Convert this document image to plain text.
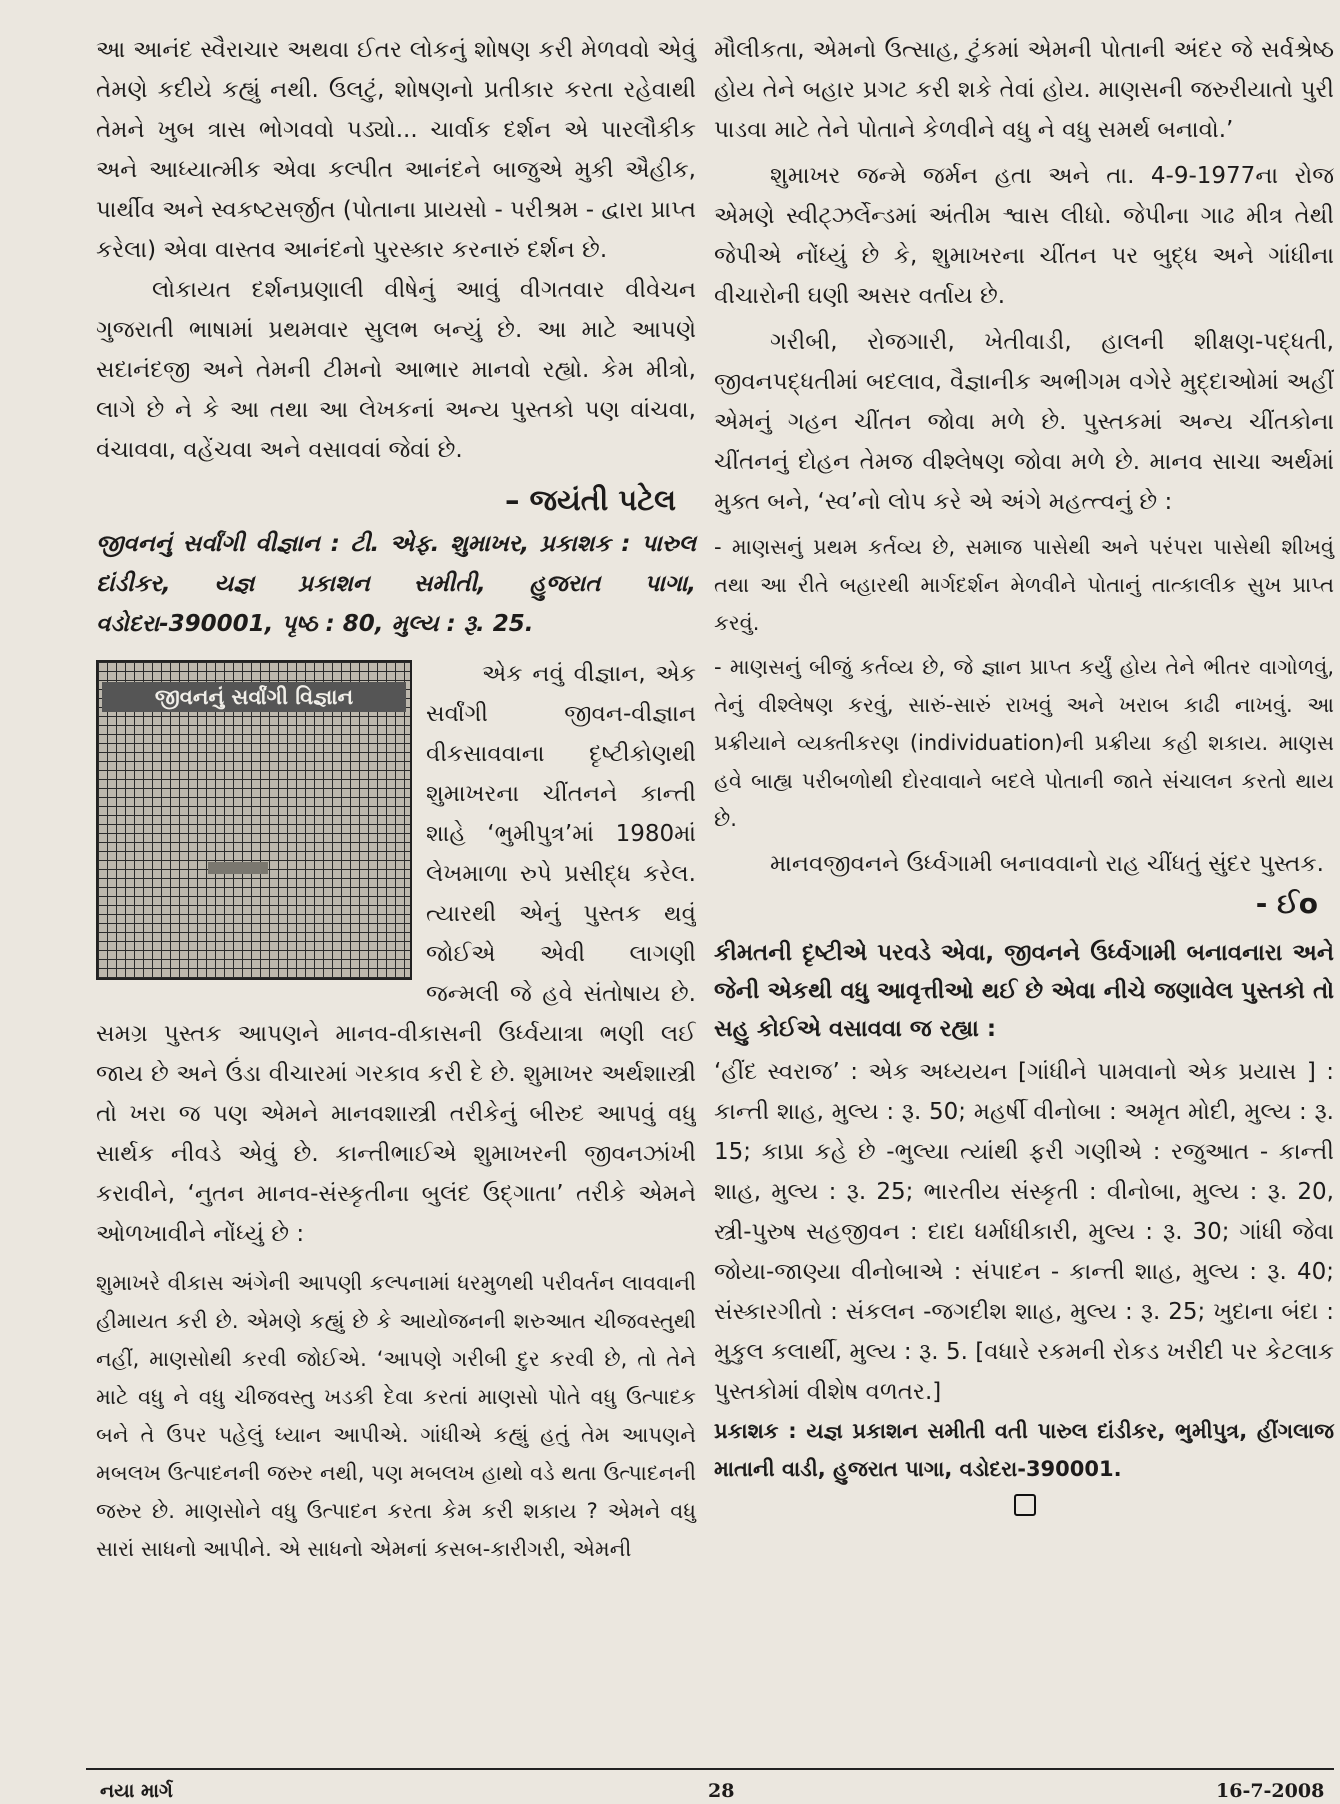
આ આનંદ સ્વૈરાચાર અથવા ઈતર લોકનું શોષણ કરી મેળવવો એવું તેમણે કદીયે કહ્યું નથી. ઉલટું, શોષણનો પ્રતીકાર કરતા રહેવાથી તેમને ખુબ ત્રાસ ભોગવવો પડ્યો... ચાર્વાક દર્શન એ પારલૌકીક અને આધ્યાત્મીક એવા કલ્પીત આનંદને બાજુએ મુકી ઐહીક, પાર્થીવ અને સ્વકષ્ટસર્જીત (પોતાના પ્રાયસો - પરીશ્રમ - દ્વારા પ્રાપ્ત કરેલા) એવા વાસ્તવ આનંદનો પુરસ્કાર કરનારું દર્શન છે.

લોકાયત દર્શનપ્રણાલી વીષેનું આવું વીગતવાર વીવેચન ગુજરાતી ભાષામાં પ્રથમવાર સુલભ બન્યું છે. આ માટે આપણે સદાનંદજી અને તેમની ટીમનો આભાર માનવો રહ્યો. કેમ મીત્રો, લાગે છે ને કે આ તથા આ લેખકનાં અન્ય પુસ્તકો પણ વાંચવા, વંચાવવા, વહેંચવા અને વસાવવાં જેવાં છે.

– જયંતી પટેલ

જીવનનું સર્વાંગી વીજ્ઞાન : ટી. એફ. શુમાખર, પ્રકાશક : પારુલ દાંડીકર, યજ્ઞ પ્રકાશન સમીતી, હુજરાત પાગા, વડોદરા-390001, પૃષ્ઠ : 80, મુલ્ય : રૂ. 25.

જીવનનું સર્વાંગી વિજ્ઞાન

એક નવું વીજ્ઞાન, એક સર્વાંગી જીવન-વીજ્ઞાન વીકસાવવાના દૃષ્ટીકોણથી શુમાખરના ચીંતનને કાન્તી શાહે ‘ભુમીપુત્ર’માં 1980માં લેખમાળા રુપે પ્રસીદ્ધ કરેલ. ત્યારથી એનું પુસ્તક થવું જોઈએ એવી લાગણી જન્મલી જે હવે સંતોષાય છે. સમગ્ર પુસ્તક આપણને માનવ-વીકાસની ઉર્ધ્વયાત્રા ભણી લઈ જાય છે અને ઉંડા વીચારમાં ગરકાવ કરી દે છે. શુમાખર અર્થશાસ્ત્રી તો ખરા જ પણ એમને માનવશાસ્ત્રી તરીકેનું બીરુદ આપવું વધુ સાર્થક નીવડે એવું છે. કાન્તીભાઈએ શુમાખરની જીવનઝાંખી કરાવીને, ‘નુતન માનવ-સંસ્કૃતીના બુલંદ ઉદ્ગાતા’ તરીકે એમને ઓળખાવીને નોંધ્યું છે :

શુમાખરે વીકાસ અંગેની આપણી કલ્પનામાં ધરમુળથી પરીવર્તન લાવવાની હીમાયત કરી છે. એમણે કહ્યું છે કે આયોજનની શરુઆત ચીજવસ્તુથી નહીં, માણસોથી કરવી જોઈએ. ‘આપણે ગરીબી દુર કરવી છે, તો તેને માટે વધુ ને વધુ ચીજવસ્તુ ખડકી દેવા કરતાં માણસો પોતે વધુ ઉત્પાદક બને તે ઉપર પહેલું ધ્યાન આપીએ. ગાંધીએ કહ્યું હતું તેમ આપણને મબલખ ઉત્પાદનની જરુર નથી, પણ મબલખ હાથો વડે થતા ઉત્પાદનની જરુર છે. માણસોને વધુ ઉત્પાદન કરતા કેમ કરી શકાય ? એમને વધુ સારાં સાધનો આપીને. એ સાધનો એમનાં કસબ-કારીગરી, એમની

મૌલીકતા, એમનો ઉત્સાહ, ટુંકમાં એમની પોતાની અંદર જે સર્વશ્રેષ્ઠ હોય તેને બહાર પ્રગટ કરી શકે તેવાં હોય. માણસની જરુરીયાતો પુરી પાડવા માટે તેને પોતાને કેળવીને વધુ ને વધુ સમર્થ બનાવો.’

શુમાખર જન્મે જર્મન હતા અને તા. 4-9-1977ના રોજ એમણે સ્વીટ્ઝર્લેન્ડમાં અંતીમ શ્વાસ લીધો. જેપીના ગાઢ મીત્ર તેથી જેપીએ નોંધ્યું છે કે, શુમાખરના ચીંતન પર બુદ્ધ અને ગાંધીના વીચારોની ઘણી અસર વર્તાય છે.

ગરીબી, રોજગારી, ખેતીવાડી, હાલની શીક્ષણ-પદ્ધતી, જીવનપદ્ધતીમાં બદલાવ, વૈજ્ઞાનીક અભીગમ વગેરે મુદ્દાઓમાં અહીં એમનું ગહન ચીંતન જોવા મળે છે. પુસ્તકમાં અન્ય ચીંતકોના ચીંતનનું દોહન તેમજ વીશ્લેષણ જોવા મળે છે. માનવ સાચા અર્થમાં મુક્ત બને, ‘સ્વ’નો લોપ કરે એ અંગે મહત્ત્વનું છે :

- માણસનું પ્રથમ કર્તવ્ય છે, સમાજ પાસેથી અને પરંપરા પાસેથી શીખવું તથા આ રીતે બહારથી માર્ગદર્શન મેળવીને પોતાનું તાત્કાલીક સુખ પ્રાપ્ત કરવું.

- માણસનું બીજું કર્તવ્ય છે, જે જ્ઞાન પ્રાપ્ત કર્યું હોય તેને ભીતર વાગોળવું, તેનું વીશ્લેષણ કરવું, સારું-સારું રાખવું અને ખરાબ કાઢી નાખવું. આ પ્રક્રીયાને વ્યક્તીકરણ (individuation)ની પ્રક્રીયા કહી શકાય. માણસ હવે બાહ્ય પરીબળોથી દોરવાવાને બદલે પોતાની જાતે સંચાલન કરતો થાય છે.

માનવજીવનને ઉર્ધ્વગામી બનાવવાનો રાહ ચીંધતું સુંદર પુસ્તક.

- ઈo

કીમતની દૃષ્ટીએ પરવડે એવા, જીવનને ઉર્ધ્વગામી બનાવનારા અને જેની એકથી વધુ આવૃત્તીઓ થઈ છે એવા નીચે જણાવેલ પુસ્તકો તો સહુ કોઈએ વસાવવા જ રહ્યા :

‘હીંદ સ્વરાજ’ : એક અધ્યયન [ગાંધીને પામવાનો એક પ્રયાસ ] : કાન્તી શાહ, મુલ્ય : રૂ. 50; મહર્ષી વીનોબા : અમૃત મોદી, મુલ્ય : રૂ. 15; કાપ્રા કહે છે -ભુલ્યા ત્યાંથી ફરી ગણીએ : રજુઆત - કાન્તી શાહ, મુલ્ય : રૂ. 25; ભારતીય સંસ્કૃતી : વીનોબા, મુલ્ય : રૂ. 20, સ્ત્રી-પુરુષ સહજીવન : દાદા ધર્માધીકારી, મુલ્ય : રૂ. 30; ગાંધી જેવા જોયા-જાણ્યા વીનોબાએ : સંપાદન - કાન્તી શાહ, મુલ્ય : રૂ. 40; સંસ્કારગીતો : સંકલન -જગદીશ શાહ, મુલ્ય : રૂ. 25; ખુદાના બંદા : મુકુલ કલાર્થી, મુલ્ય : રૂ. 5. [વધારે રકમની રોકડ ખરીદી પર કેટલાક પુસ્તકોમાં વીશેષ વળતર.]

પ્રકાશક : યજ્ઞ પ્રકાશન સમીતી વતી પારુલ દાંડીકર, ભુમીપુત્ર, હીંગલાજ માતાની વાડી, હુજરાત પાગા, વડોદરા-390001.

નયા માર્ગ	28	16-7-2008
